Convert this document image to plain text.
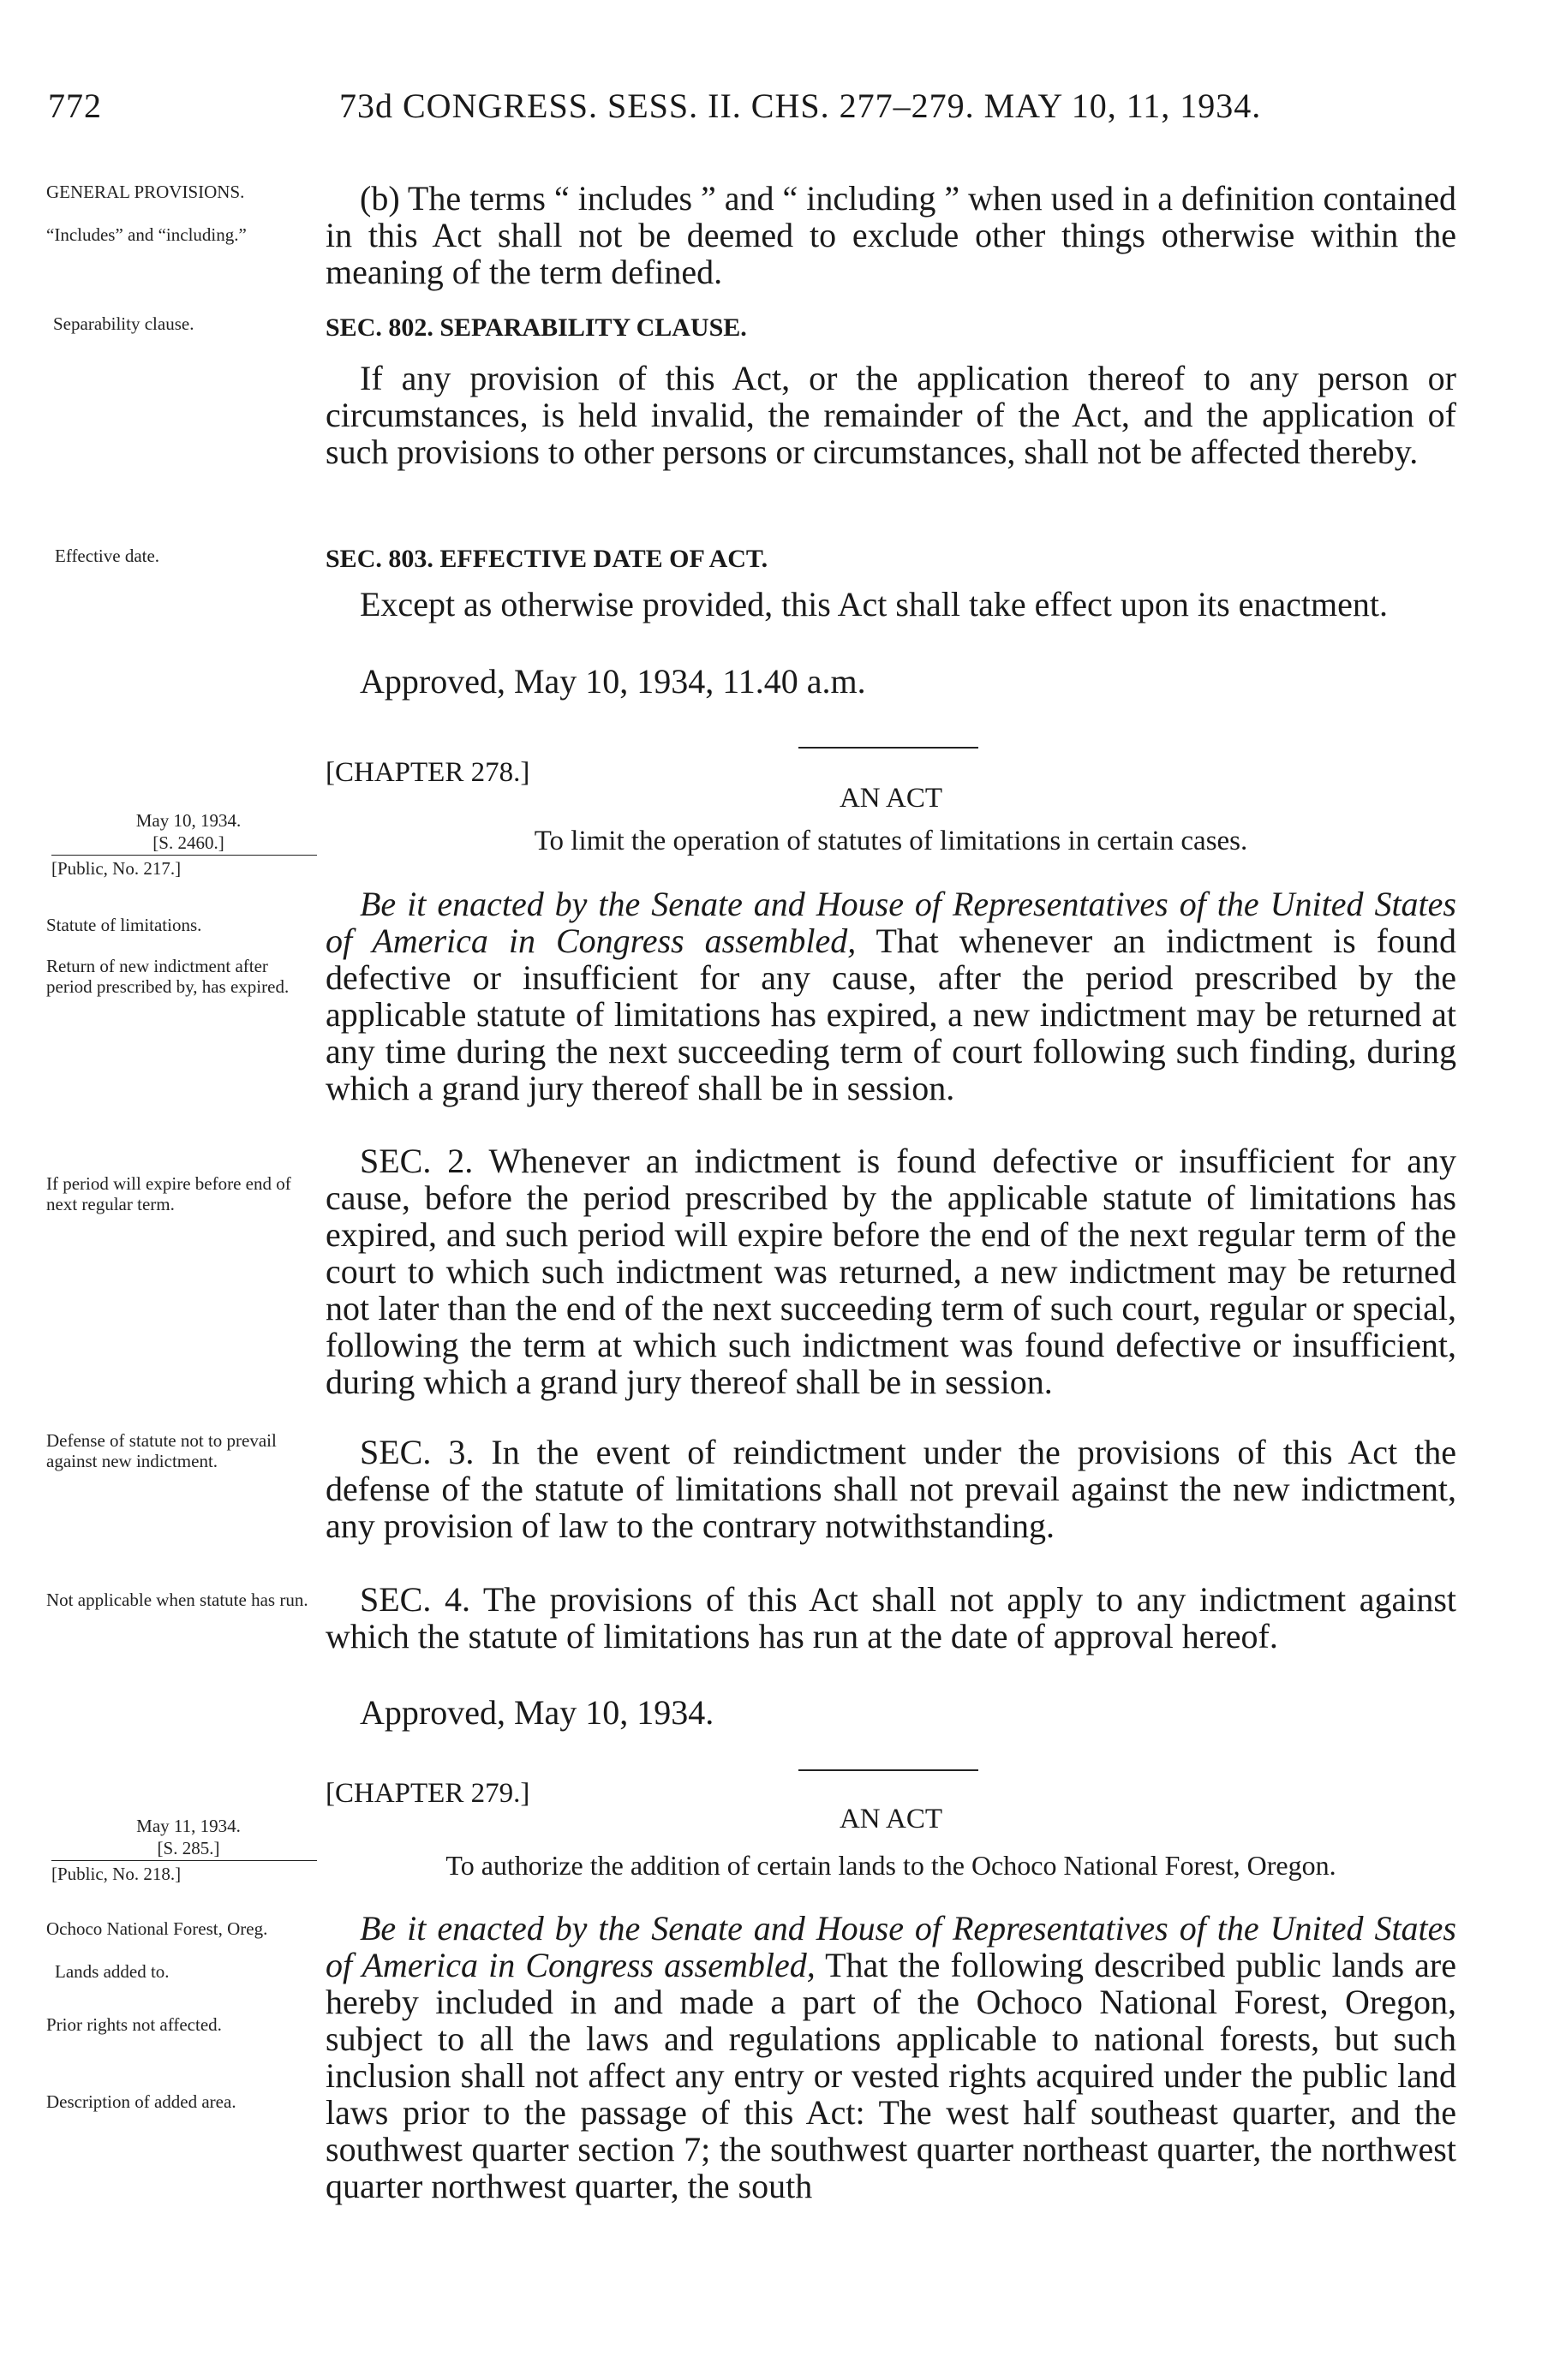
772	73d CONGRESS. SESS. II. CHS. 277–279. MAY 10, 11, 1934.
GENERAL PROVISIONS.
“Includes” and “including.”
Separability clause.
Effective date.
May 10, 1934.
[S. 2460.]
[Public, No. 217.]
Statute of limitations.
Return of new indictment after period prescribed by, has expired.
If period will expire before end of next regular term.
Defense of statute not to prevail against new indictment.
Not applicable when statute has run.
May 11, 1934.
[S. 285.]
[Public, No. 218.]
Ochoco National Forest, Oreg.
Lands added to.
Prior rights not affected.
Description of added area.
(b) The terms “ includes ” and “ including ” when used in a definition contained in this Act shall not be deemed to exclude other things otherwise within the meaning of the term defined.
SEC. 802. SEPARABILITY CLAUSE.
If any provision of this Act, or the application thereof to any person or circumstances, is held invalid, the remainder of the Act, and the application of such provisions to other persons or circumstances, shall not be affected thereby.
SEC. 803. EFFECTIVE DATE OF ACT.
Except as otherwise provided, this Act shall take effect upon its enactment.
Approved, May 10, 1934, 11.40 a.m.
[CHAPTER 278.]
AN ACT
To limit the operation of statutes of limitations in certain cases.
Be it enacted by the Senate and House of Representatives of the United States of America in Congress assembled, That whenever an indictment is found defective or insufficient for any cause, after the period prescribed by the applicable statute of limitations has expired, a new indictment may be returned at any time during the next succeeding term of court following such finding, during which a grand jury thereof shall be in session.
SEC. 2. Whenever an indictment is found defective or insufficient for any cause, before the period prescribed by the applicable statute of limitations has expired, and such period will expire before the end of the next regular term of the court to which such indictment was returned, a new indictment may be returned not later than the end of the next succeeding term of such court, regular or special, following the term at which such indictment was found defective or insufficient, during which a grand jury thereof shall be in session.
SEC. 3. In the event of reindictment under the provisions of this Act the defense of the statute of limitations shall not prevail against the new indictment, any provision of law to the contrary notwithstanding.
SEC. 4. The provisions of this Act shall not apply to any indictment against which the statute of limitations has run at the date of approval hereof.
Approved, May 10, 1934.
[CHAPTER 279.]
AN ACT
To authorize the addition of certain lands to the Ochoco National Forest, Oregon.
Be it enacted by the Senate and House of Representatives of the United States of America in Congress assembled, That the following described public lands are hereby included in and made a part of the Ochoco National Forest, Oregon, subject to all the laws and regulations applicable to national forests, but such inclusion shall not affect any entry or vested rights acquired under the public land laws prior to the passage of this Act: The west half southeast quarter, and the southwest quarter section 7; the southwest quarter northeast quarter, the northwest quarter northwest quarter, the south
